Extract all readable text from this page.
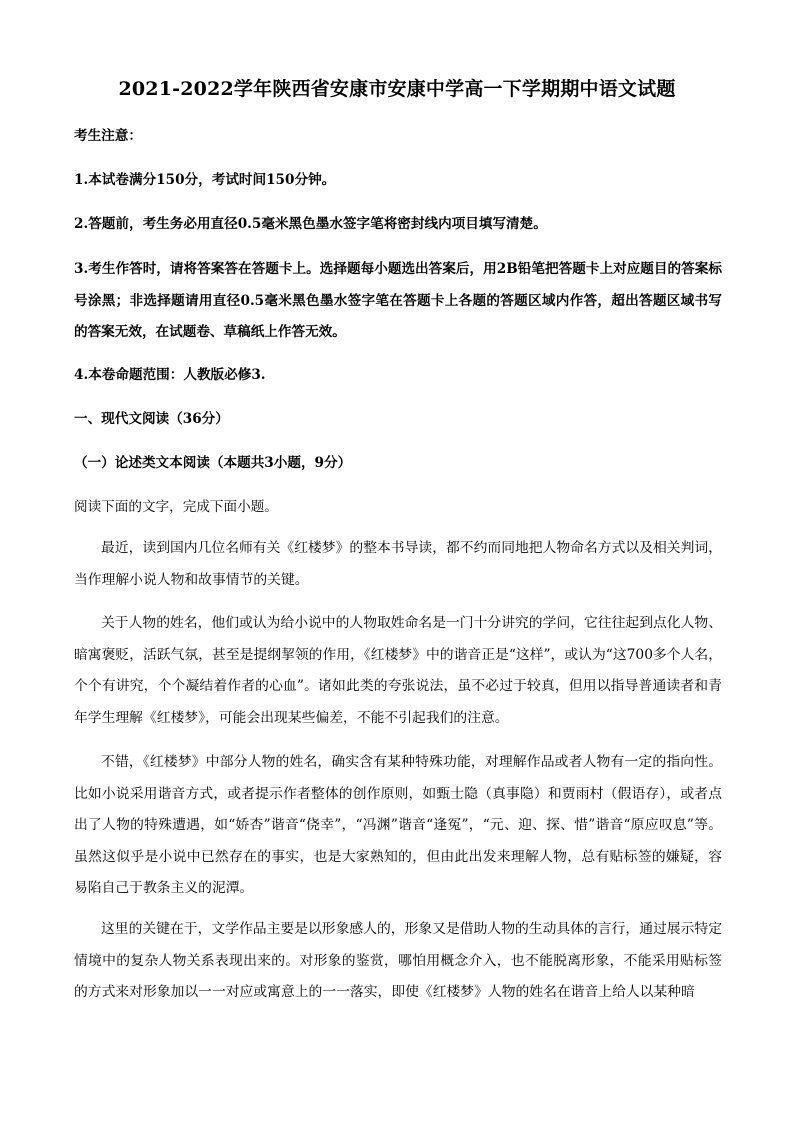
2021-2022学年陕西省安康市安康中学高一下学期期中语文试题
考生注意：
1.本试卷满分150分，考试时间150分钟。
2.答题前，考生务必用直径0.5毫米黑色墨水签字笔将密封线内项目填写清楚。
3.考生作答时，请将答案答在答题卡上。选择题每小题选出答案后，用2B铅笔把答题卡上对应题目的答案标号涂黑；非选择题请用直径0.5毫米黑色墨水签字笔在答题卡上各题的答题区域内作答，超出答题区域书写的答案无效，在试题卷、草稿纸上作答无效。
4.本卷命题范围：人教版必修3.
一、现代文阅读（36分）
（一）论述类文本阅读（本题共3小题，9分）
阅读下面的文字，完成下面小题。
最近，读到国内几位名师有关《红楼梦》的整本书导读，都不约而同地把人物命名方式以及相关判词，当作理解小说人物和故事情节的关键。
关于人物的姓名，他们或认为给小说中的人物取姓命名是一门十分讲究的学问，它往往起到点化人物、暗寓褒贬，活跃气氛，甚至是提纲挈领的作用，《红楼梦》中的谐音正是“这样”，或认为“这700多个人名，个个有讲究，个个凝结着作者的心血”。诸如此类的夸张说法，虽不必过于较真，但用以指导普通读者和青年学生理解《红楼梦》，可能会出现某些偏差，不能不引起我们的注意。
不错，《红楼梦》中部分人物的姓名，确实含有某种特殊功能，对理解作品或者人物有一定的指向性。比如小说采用谐音方式，或者提示作者整体的创作原则，如甄士隐（真事隐）和贾雨村（假语存），或者点出了人物的特殊遭遇，如“娇杏”谐音“侥幸”，“冯渊”谐音“逢冤”，“元、迎、探、惜”谐音“原应叹息”等。虽然这似乎是小说中已然存在的事实，也是大家熟知的，但由此出发来理解人物，总有贴标签的嫌疑，容易陷自己于教条主义的泥潭。
这里的关键在于，文学作品主要是以形象感人的，形象又是借助人物的生动具体的言行，通过展示特定情境中的复杂人物关系表现出来的。对形象的鉴赏，哪怕用概念介入，也不能脱离形象，不能采用贴标签的方式来对形象加以一一对应或寓意上的一一落实，即使《红楼梦》人物的姓名在谐音上给人以某种暗
